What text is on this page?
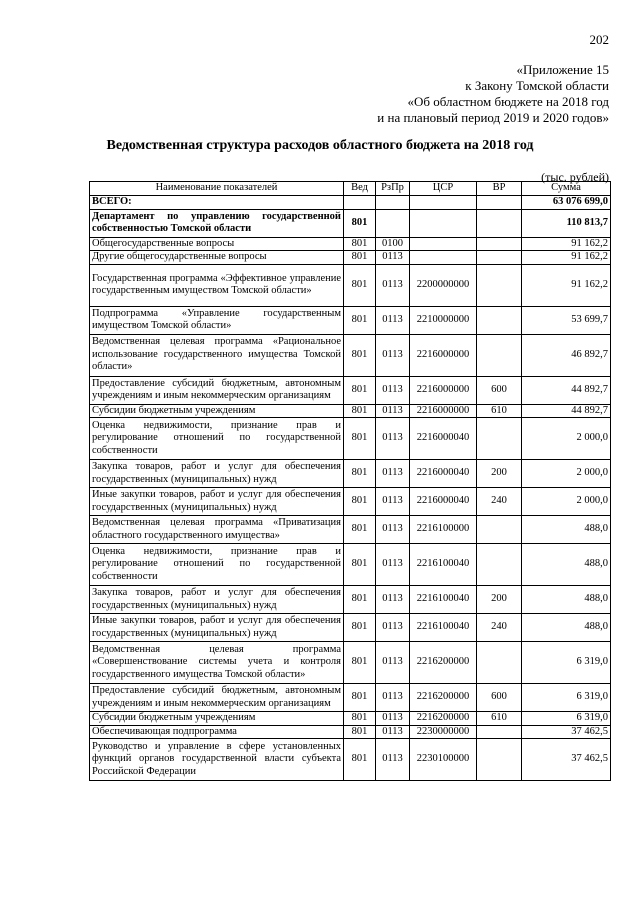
202
«Приложение 15
к Закону Томской области
«Об областном бюджете на 2018 год
и на плановый период 2019 и 2020 годов»
Ведомственная структура расходов областного бюджета на 2018 год
(тыс. рублей)
Наименование показателей	Вед	РзПр	ЦСР	ВР	Сумма
ВСЕГО:					63 076 699,0
Департамент по управлению государственной собственностью Томской области	801				110 813,7
Общегосударственные вопросы	801	0100			91 162,2
Другие общегосударственные вопросы	801	0113			91 162,2
Государственная программа «Эффективное управление государственным имуществом Томской области»	801	0113	2200000000		91 162,2
Подпрограмма «Управление государственным имуществом Томской области»	801	0113	2210000000		53 699,7
Ведомственная целевая программа «Рациональное использование государственного имущества Томской области»	801	0113	2216000000		46 892,7
Предоставление субсидий бюджетным, автономным учреждениям и иным некоммерческим организациям	801	0113	2216000000	600	44 892,7
Субсидии бюджетным учреждениям	801	0113	2216000000	610	44 892,7
Оценка недвижимости, признание прав и регулирование отношений по государственной собственности	801	0113	2216000040		2 000,0
Закупка товаров, работ и услуг для обеспечения государственных (муниципальных) нужд	801	0113	2216000040	200	2 000,0
Иные закупки товаров, работ и услуг для обеспечения государственных (муниципальных) нужд	801	0113	2216000040	240	2 000,0
Ведомственная целевая программа «Приватизация областного государственного имущества»	801	0113	2216100000		488,0
Оценка недвижимости, признание прав и регулирование отношений по государственной собственности	801	0113	2216100040		488,0
Закупка товаров, работ и услуг для обеспечения государственных (муниципальных) нужд	801	0113	2216100040	200	488,0
Иные закупки товаров, работ и услуг для обеспечения государственных (муниципальных) нужд	801	0113	2216100040	240	488,0
Ведомственная целевая программа «Совершенствование системы учета и контроля государственного имущества Томской области»	801	0113	2216200000		6 319,0
Предоставление субсидий бюджетным, автономным учреждениям и иным некоммерческим организациям	801	0113	2216200000	600	6 319,0
Субсидии бюджетным учреждениям	801	0113	2216200000	610	6 319,0
Обеспечивающая подпрограмма	801	0113	2230000000		37 462,5
Руководство и управление в сфере установленных функций органов государственной власти субъекта Российской Федерации	801	0113	2230100000		37 462,5
